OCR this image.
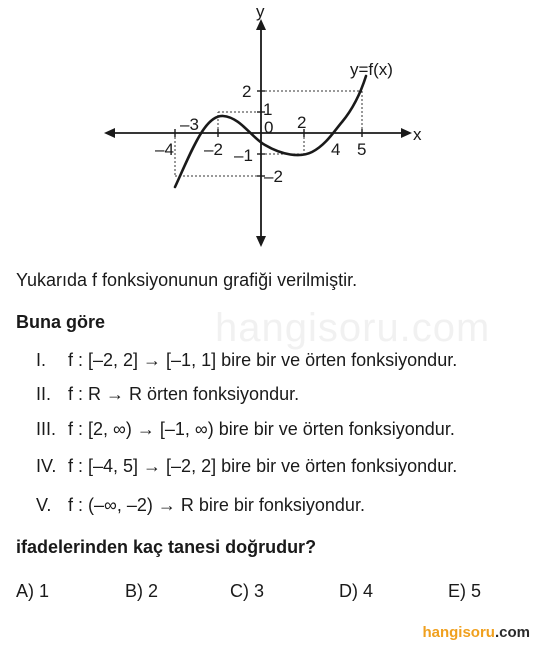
y
x
y=f(x)
–4
–3
–2
0 2
4 5
2
1
–1
–2
Yukarıda f fonksiyonunun grafiği verilmiştir.
hangisoru.com
Buna göre
I. f : [–2, 2] → [–1, 1] bire bir ve örten fonksiyondur.
II. f : R → R örten fonksiyondur.
III. f : [2, ∞) → [–1, ∞) bire bir ve örten fonksiyondur.
IV. f : [–4, 5] → [–2, 2] bire bir ve örten fonksiyondur.
V. f : (–∞, –2) → R bire bir fonksiyondur.
ifadelerinden kaç tanesi doğrudur?
A) 1	B) 2	C) 3	D) 4	E) 5
hangisoru.com
